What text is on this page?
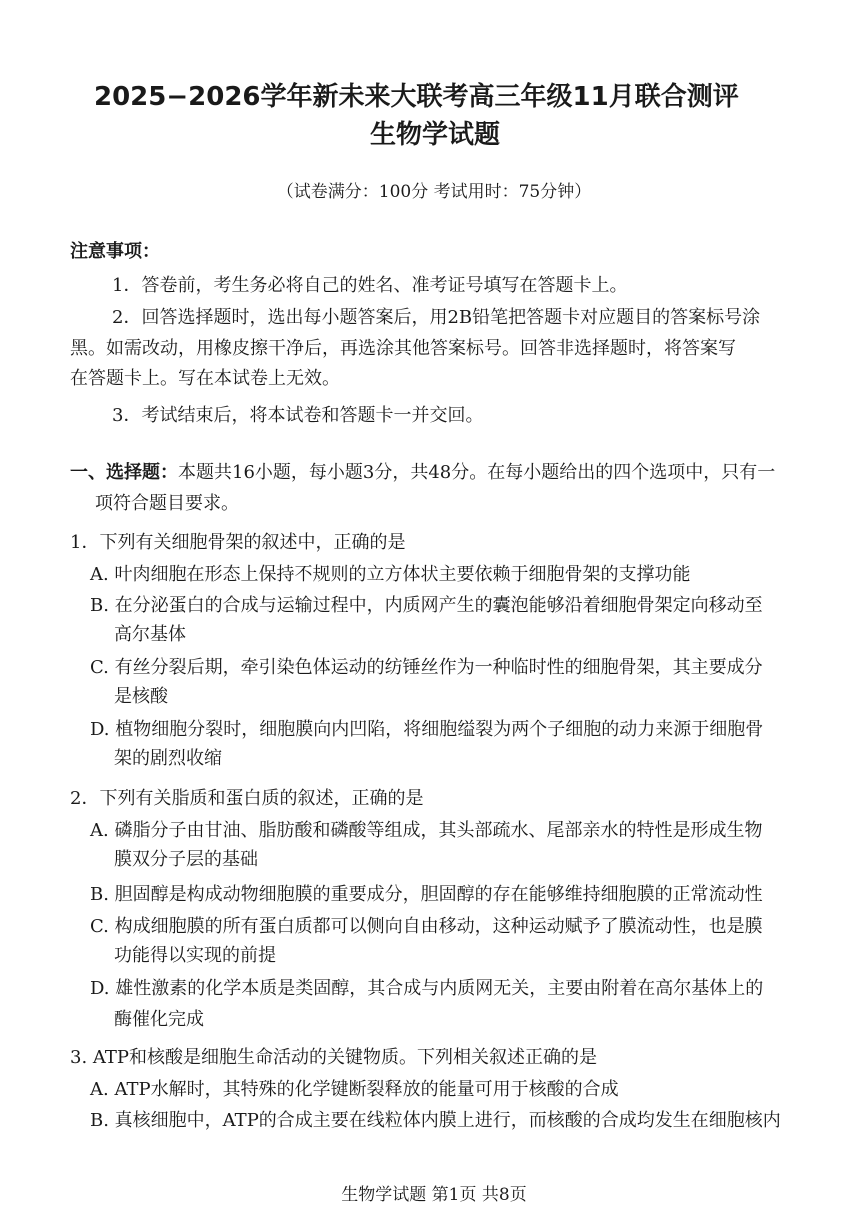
2025−2026学年新未来大联考高三年级11月联合测评
生物学试题
（试卷满分：100分 考试用时：75分钟）
注意事项：
1．答卷前，考生务必将自己的姓名、准考证号填写在答题卡上。
2．回答选择题时，选出每小题答案后，用2B铅笔把答题卡对应题目的答案标号涂
黑。如需改动，用橡皮擦干净后，再选涂其他答案标号。回答非选择题时，将答案写
在答题卡上。写在本试卷上无效。
3．考试结束后，将本试卷和答题卡一并交回。
一、选择题：本题共16小题，每小题3分，共48分。在每小题给出的四个选项中，只有一
项符合题目要求。
1．下列有关细胞骨架的叙述中，正确的是
A. 叶肉细胞在形态上保持不规则的立方体状主要依赖于细胞骨架的支撑功能
B. 在分泌蛋白的合成与运输过程中，内质网产生的囊泡能够沿着细胞骨架定向移动至
高尔基体
C. 有丝分裂后期，牵引染色体运动的纺锤丝作为一种临时性的细胞骨架，其主要成分
是核酸
D. 植物细胞分裂时，细胞膜向内凹陷，将细胞缢裂为两个子细胞的动力来源于细胞骨
架的剧烈收缩
2．下列有关脂质和蛋白质的叙述，正确的是
A. 磷脂分子由甘油、脂肪酸和磷酸等组成，其头部疏水、尾部亲水的特性是形成生物
膜双分子层的基础
B. 胆固醇是构成动物细胞膜的重要成分，胆固醇的存在能够维持细胞膜的正常流动性
C. 构成细胞膜的所有蛋白质都可以侧向自由移动，这种运动赋予了膜流动性，也是膜
功能得以实现的前提
D. 雄性激素的化学本质是类固醇，其合成与内质网无关，主要由附着在高尔基体上的
酶催化完成
3. ATP和核酸是细胞生命活动的关键物质。下列相关叙述正确的是
A. ATP水解时，其特殊的化学键断裂释放的能量可用于核酸的合成
B. 真核细胞中，ATP的合成主要在线粒体内膜上进行，而核酸的合成均发生在细胞核内
生物学试题 第1页 共8页
